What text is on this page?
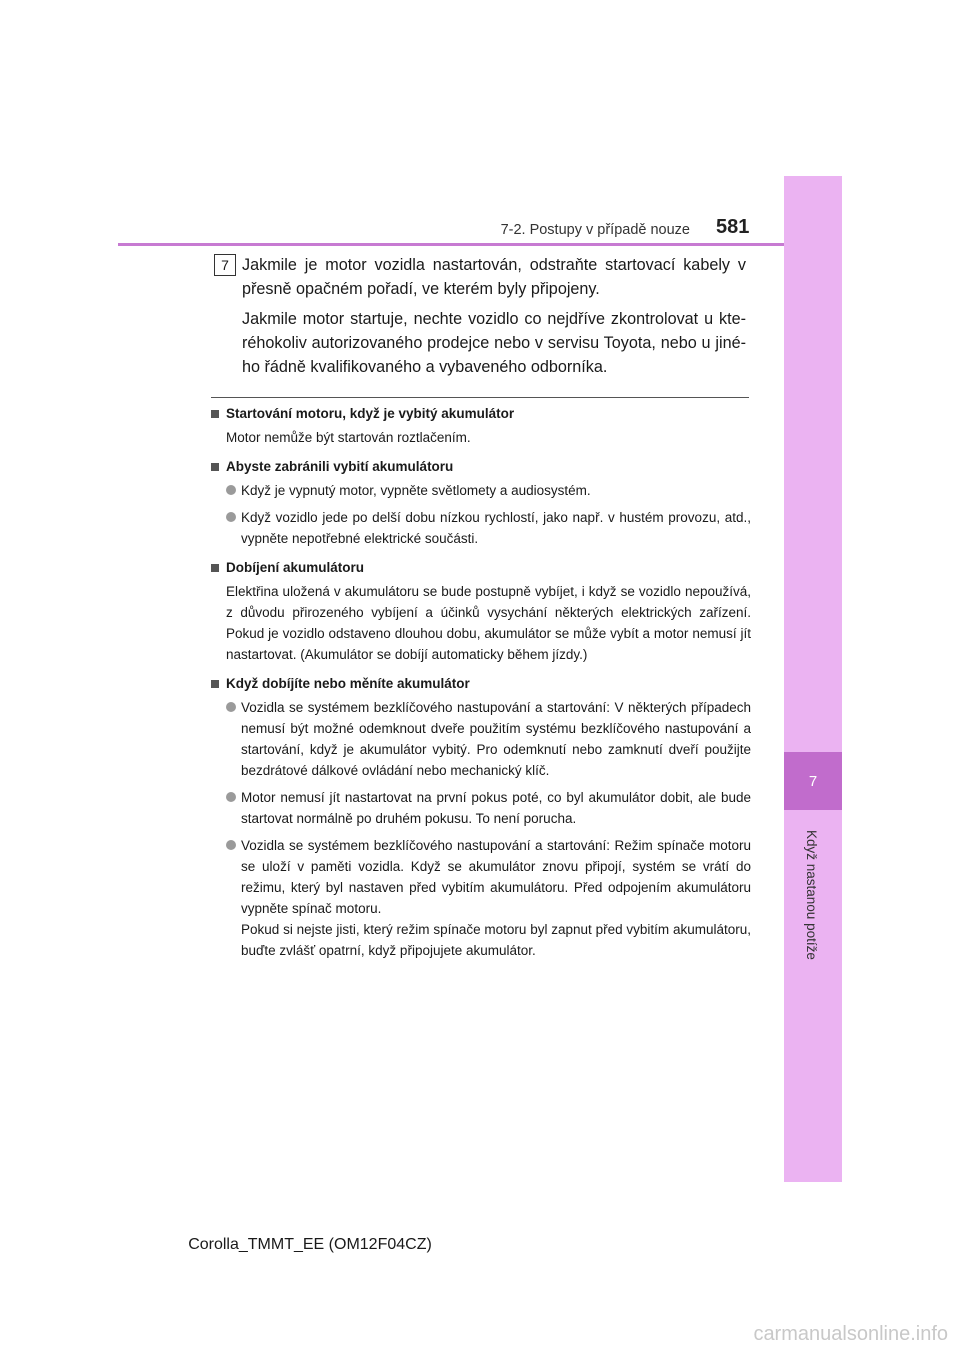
7
Když nastanou potíže
7-2. Postupy v případě nouze 581
7 Jakmile je motor vozidla nastartován, odstraňte startovací kabely v přesně opačném pořadí, ve kterém byly připojeny.
Jakmile motor startuje, nechte vozidlo co nejdříve zkontrolovat u kteréhokoliv autorizovaného prodejce nebo v servisu Toyota, nebo u jiného řádně kvalifikovaného a vybaveného odborníka.
Startování motoru, když je vybitý akumulátor
Motor nemůže být startován roztlačením.
Abyste zabránili vybití akumulátoru
Když je vypnutý motor, vypněte světlomety a audiosystém.
Když vozidlo jede po delší dobu nízkou rychlostí, jako např. v hustém provozu, atd., vypněte nepotřebné elektrické součásti.
Dobíjení akumulátoru
Elektřina uložená v akumulátoru se bude postupně vybíjet, i když se vozidlo nepoužívá, z důvodu přirozeného vybíjení a účinků vysychání některých elektrických zařízení. Pokud je vozidlo odstaveno dlouhou dobu, akumulátor se může vybít a motor nemusí jít nastartovat. (Akumulátor se dobíjí automaticky během jízdy.)
Když dobíjíte nebo měníte akumulátor
Vozidla se systémem bezklíčového nastupování a startování: V některých případech nemusí být možné odemknout dveře použitím systému bezklíčového nastupování a startování, když je akumulátor vybitý. Pro odemknutí nebo zamknutí dveří použijte bezdrátové dálkové ovládání nebo mechanický klíč.
Motor nemusí jít nastartovat na první pokus poté, co byl akumulátor dobit, ale bude startovat normálně po druhém pokusu. To není porucha.
Vozidla se systémem bezklíčového nastupování a startování: Režim spínače motoru se uloží v paměti vozidla. Když se akumulátor znovu připojí, systém se vrátí do režimu, který byl nastaven před vybitím akumulátoru. Před odpojením akumulátoru vypněte spínač motoru.
Pokud si nejste jisti, který režim spínače motoru byl zapnut před vybitím akumulátoru, buďte zvlášť opatrní, když připojujete akumulátor.
Corolla_TMMT_EE (OM12F04CZ)
carmanualsonline.info
